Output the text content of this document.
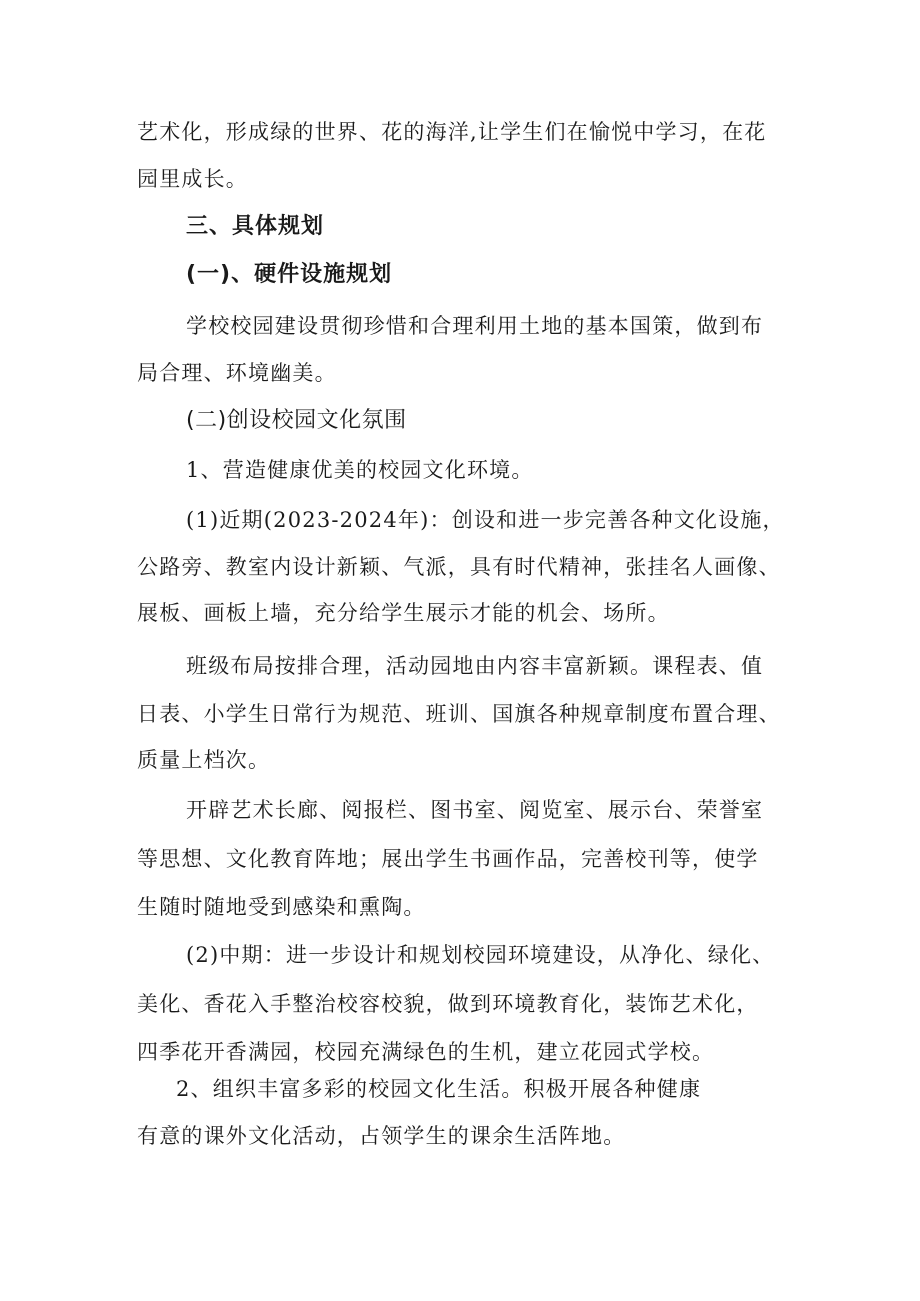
艺术化，形成绿的世界、花的海洋,让学生们在愉悦中学习，在花
园里成长。
三、具体规划
(一)、硬件设施规划
学校校园建设贯彻珍惜和合理利用土地的基本国策，做到布
局合理、环境幽美。
(二)创设校园文化氛围
1、营造健康优美的校园文化环境。
(1)近期(2023-2024年)：创设和进一步完善各种文化设施，
公路旁、教室内设计新颖、气派，具有时代精神，张挂名人画像、
展板、画板上墙，充分给学生展示才能的机会、场所。
班级布局按排合理，活动园地由内容丰富新颖。课程表、值
日表、小学生日常行为规范、班训、国旗各种规章制度布置合理、
质量上档次。
开辟艺术长廊、阅报栏、图书室、阅览室、展示台、荣誉室
等思想、文化教育阵地；展出学生书画作品，完善校刊等，使学
生随时随地受到感染和熏陶。
(2)中期：进一步设计和规划校园环境建设，从净化、绿化、
美化、香花入手整治校容校貌，做到环境教育化，装饰艺术化，
四季花开香满园，校园充满绿色的生机，建立花园式学校。
2、组织丰富多彩的校园文化生活。积极开展各种健康
有意的课外文化活动，占领学生的课余生活阵地。
